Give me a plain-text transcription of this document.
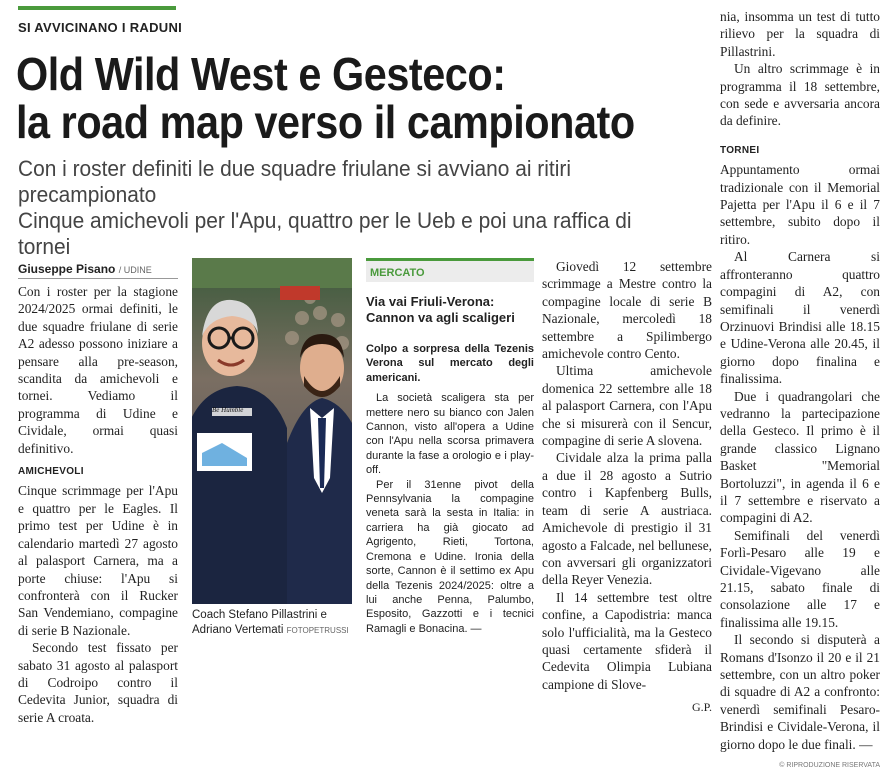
SI AVVICINANO I RADUNI
Old Wild West e Gesteco:
la road map verso il campionato
Con i roster definiti le due squadre friulane si avviano ai ritiri precampionato
Cinque amichevoli per l'Apu, quattro per le Ueb e poi una raffica di tornei
Giuseppe Pisano / UDINE

Con i roster per la stagione 2024/2025 ormai definiti, le due squadre friulane di serie A2 adesso possono iniziare a pensare alla pre-season, scandita da amichevoli e tornei. Vediamo il programma di Udine e Cividale, ormai quasi definitivo.

AMICHEVOLI

Cinque scrimmage per l'Apu e quattro per le Eagles. Il primo test per Udine è in calendario martedì 27 agosto al palasport Carnera, ma a porte chiuse: l'Apu si confronterà con il Rucker San Vendemiano, compagine di serie B Nazionale.

Secondo test fissato per sabato 31 agosto al palasport di Codroipo contro il Cedevita Junior, squadra di serie A croata.

Be Humble
Coach Stefano Pillastrini e Adriano Vertemati FOTOPETRUSSI
MERCATO
Via vai Friuli-Verona: Cannon va agli scaligeri

Colpo a sorpresa della Tezenis Verona sul mercato degli americani.

La società scaligera sta per mettere nero su bianco con Jalen Cannon, visto all'opera a Udine con l'Apu nella scorsa primavera durante la fase a orologio e i play-off.

Per il 31enne pivot della Pennsylvania la compagine veneta sarà la sesta in Italia: in carriera ha già giocato ad Agrigento, Rieti, Tortona, Cremona e Udine. Ironia della sorte, Cannon è il settimo ex Apu della Tezenis 2024/2025: oltre a lui anche Penna, Palumbo, Esposito, Gazzotti e i tecnici Ramagli e Bonacina. —

Giovedì 12 settembre scrimmage a Mestre contro la compagine locale di serie B Nazionale, mercoledì 18 settembre a Spilimbergo amichevole contro Cento.

Ultima amichevole domenica 22 settembre alle 18 al palasport Carnera, con l'Apu che si misurerà con il Sencur, compagine di serie A slovena.

Cividale alza la prima palla a due il 28 agosto a Sutrio contro i Kapfenberg Bulls, team di serie A austriaca. Amichevole di prestigio il 31 agosto a Falcade, nel bellunese, con avversari gli organizzatori della Reyer Venezia.

Il 14 settembre test oltre confine, a Capodistria: manca solo l'ufficialità, ma la Gesteco quasi certamente sfiderà il Cedevita Olimpia Lubiana campione di Slove-

G.P.

nia, insomma un test di tutto rilievo per la squadra di Pillastrini.

Un altro scrimmage è in programma il 18 settembre, con sede e avversaria ancora da definire.

TORNEI

Appuntamento ormai tradizionale con il Memorial Pajetta per l'Apu il 6 e il 7 settembre, subito dopo il ritiro.

Al Carnera si affronteranno quattro compagini di A2, con semifinali il venerdì Orzinuovi Brindisi alle 18.15 e Udine-Verona alle 20.45, il giorno dopo finalina e finalissima.

Due i quadrangolari che vedranno la partecipazione della Gesteco. Il primo è il grande classico Lignano Basket "Memorial Bortoluzzi", in agenda il 6 e il 7 settembre e riservato a compagini di A2.

Semifinali del venerdì Forlì-Pesaro alle 19 e Cividale-Vigevano alle 21.15, sabato finale di consolazione alle 17 e finalissima alle 19.15.

Il secondo si disputerà a Romans d'Isonzo il 20 e il 21 settembre, con un altro poker di squadre di A2 a confronto: venerdì semifinali Pesaro-Brindisi e Cividale-Verona, il giorno dopo le due finali. —

© RIPRODUZIONE RISERVATA
